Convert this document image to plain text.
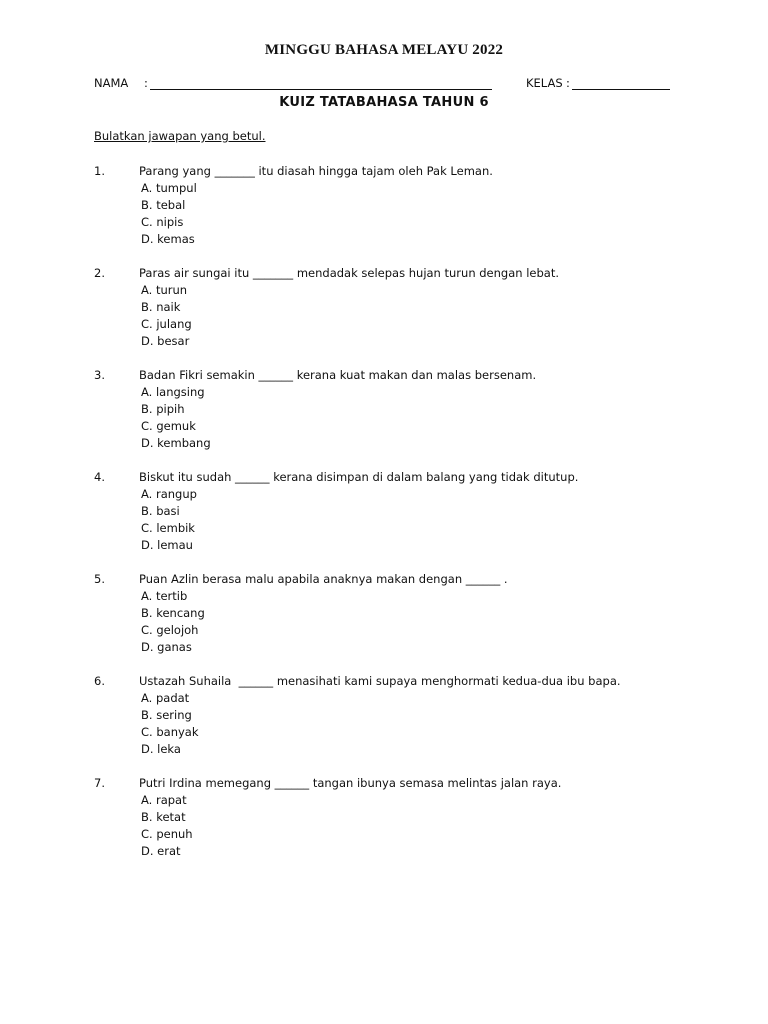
MINGGU BAHASA MELAYU 2022
NAMA :	KELAS :
KUIZ TATABAHASA TAHUN 6
Bulatkan jawapan yang betul.
1.	Parang yang _______ itu diasah hingga tajam oleh Pak Leman.
A. tumpul
B. tebal
C. nipis
D. kemas
2.	Paras air sungai itu _______ mendadak selepas hujan turun dengan lebat.
A. turun
B. naik
C. julang
D. besar
3.	Badan Fikri semakin ______ kerana kuat makan dan malas bersenam.
A. langsing
B. pipih
C. gemuk
D. kembang
4.	Biskut itu sudah ______ kerana disimpan di dalam balang yang tidak ditutup.
A. rangup
B. basi
C. lembik
D. lemau
5.	Puan Azlin berasa malu apabila anaknya makan dengan ______ .
A. tertib
B. kencang
C. gelojoh
D. ganas
6.	Ustazah Suhaila  ______ menasihati kami supaya menghormati kedua-dua ibu bapa.
A. padat
B. sering
C. banyak
D. leka
7.	Putri Irdina memegang ______ tangan ibunya semasa melintas jalan raya.
A. rapat
B. ketat
C. penuh
D. erat
